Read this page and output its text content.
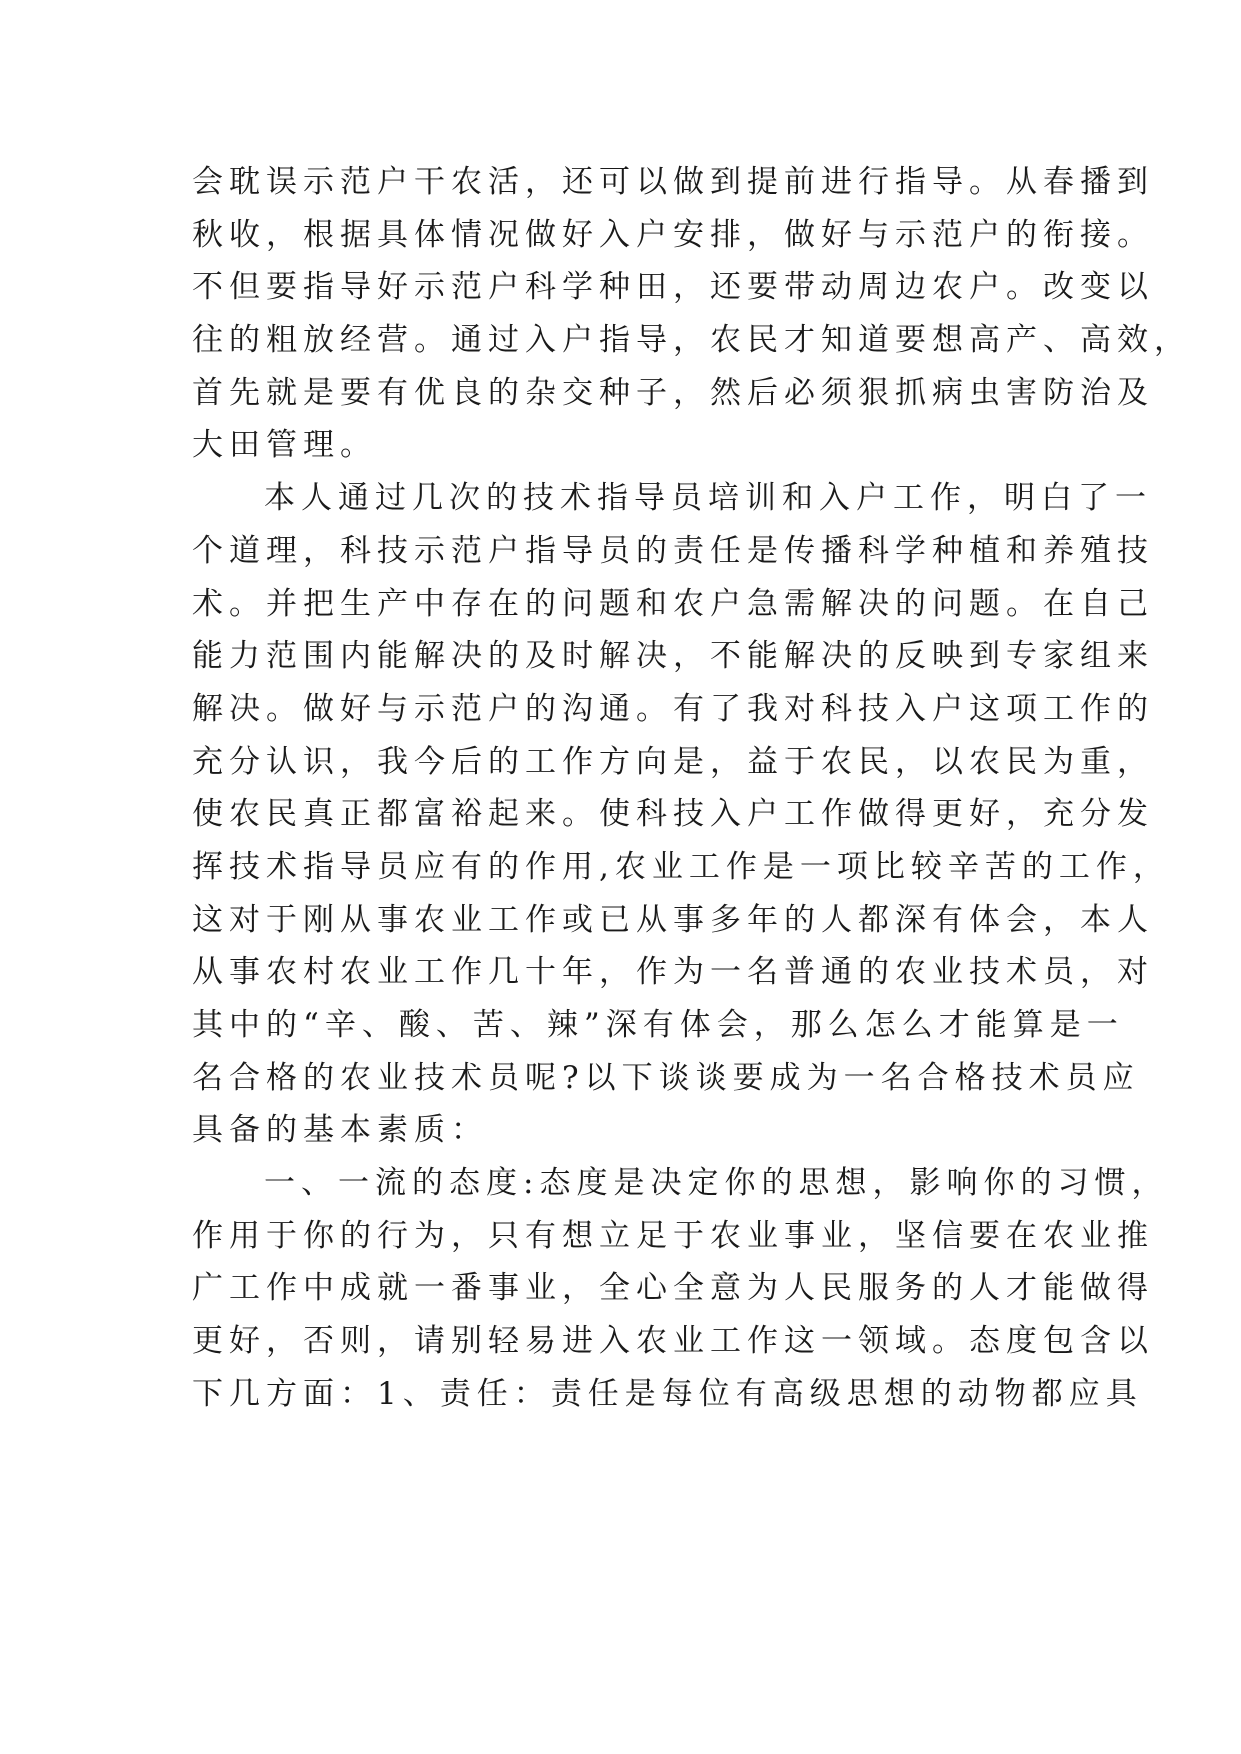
会耽误示范户干农活，还可以做到提前进行指导。从春播到
秋收，根据具体情况做好入户安排，做好与示范户的衔接。
不但要指导好示范户科学种田，还要带动周边农户。改变以
往的粗放经营。通过入户指导，农民才知道要想高产、高效，
首先就是要有优良的杂交种子，然后必须狠抓病虫害防治及
大田管理。
本人通过几次的技术指导员培训和入户工作，明白了一
个道理，科技示范户指导员的责任是传播科学种植和养殖技
术。并把生产中存在的问题和农户急需解决的问题。在自己
能力范围内能解决的及时解决，不能解决的反映到专家组来
解决。做好与示范户的沟通。有了我对科技入户这项工作的
充分认识，我今后的工作方向是，益于农民，以农民为重，
使农民真正都富裕起来。使科技入户工作做得更好，充分发
挥技术指导员应有的作用,农业工作是一项比较辛苦的工作，
这对于刚从事农业工作或已从事多年的人都深有体会，本人
从事农村农业工作几十年，作为一名普通的农业技术员，对
其中的“辛、酸、苦、辣”深有体会，那么怎么才能算是一
名合格的农业技术员呢?以下谈谈要成为一名合格技术员应
具备的基本素质：
一、一流的态度:态度是决定你的思想，影响你的习惯，
作用于你的行为，只有想立足于农业事业，坚信要在农业推
广工作中成就一番事业，全心全意为人民服务的人才能做得
更好，否则，请别轻易进入农业工作这一领域。态度包含以
下几方面：1、责任：责任是每位有高级思想的动物都应具
